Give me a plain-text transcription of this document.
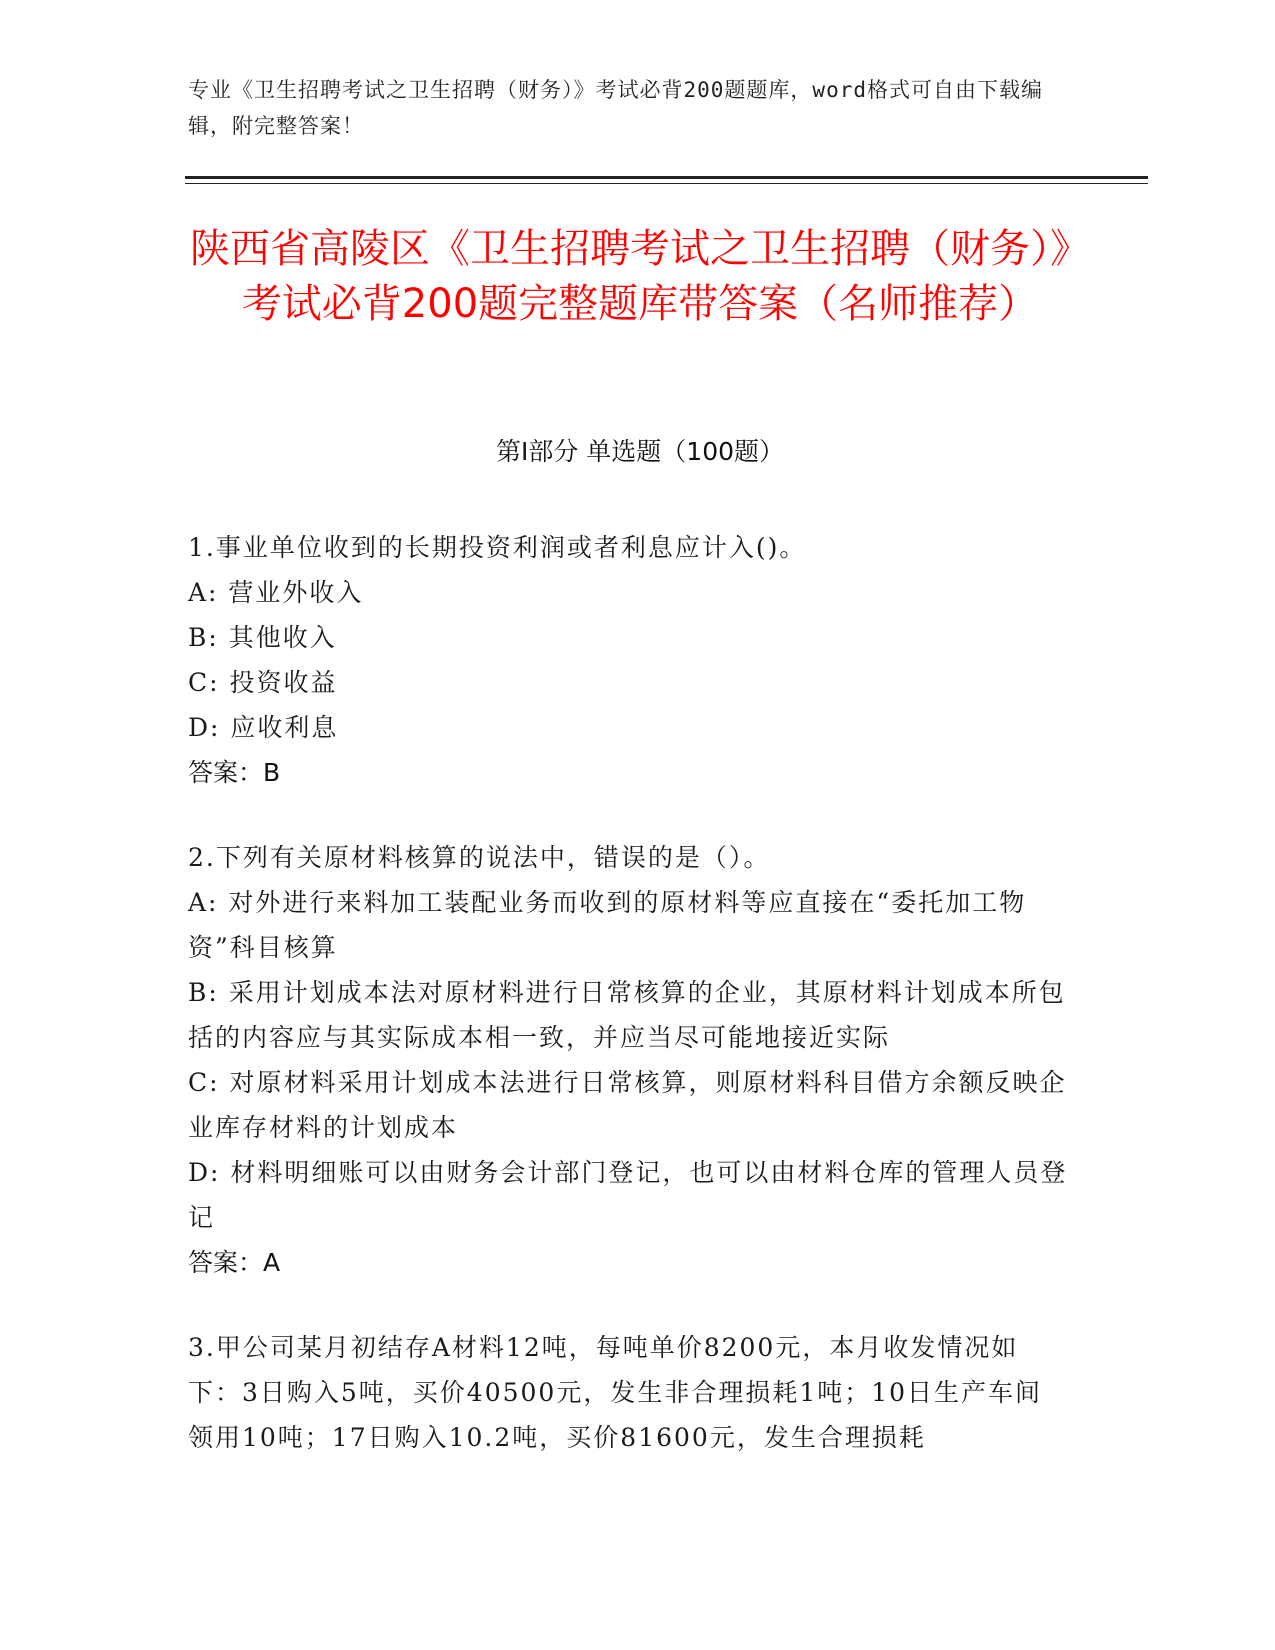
专业《卫生招聘考试之卫生招聘（财务）》考试必背200题题库，word格式可自由下载编辑，附完整答案！
陕西省高陵区《卫生招聘考试之卫生招聘（财务）》考试必背200题完整题库带答案（名师推荐）
第Ⅰ部分 单选题（100题）

1.事业单位收到的长期投资利润或者利息应计入()。

A: 营业外收入

B: 其他收入

C: 投资收益

D: 应收利息

答案：B

2.下列有关原材料核算的说法中，错误的是（）。

A: 对外进行来料加工装配业务而收到的原材料等应直接在“委托加工物资”科目核算

B: 采用计划成本法对原材料进行日常核算的企业，其原材料计划成本所包括的内容应与其实际成本相一致，并应当尽可能地接近实际

C: 对原材料采用计划成本法进行日常核算，则原材料科目借方余额反映企业库存材料的计划成本

D: 材料明细账可以由财务会计部门登记，也可以由材料仓库的管理人员登记

答案：A

3.甲公司某月初结存A材料12吨，每吨单价8200元，本月收发情况如下：3日购入5吨，买价40500元，发生非合理损耗1吨；10日生产车间领用10吨；17日购入10.2吨，买价81600元，发生合理损耗
